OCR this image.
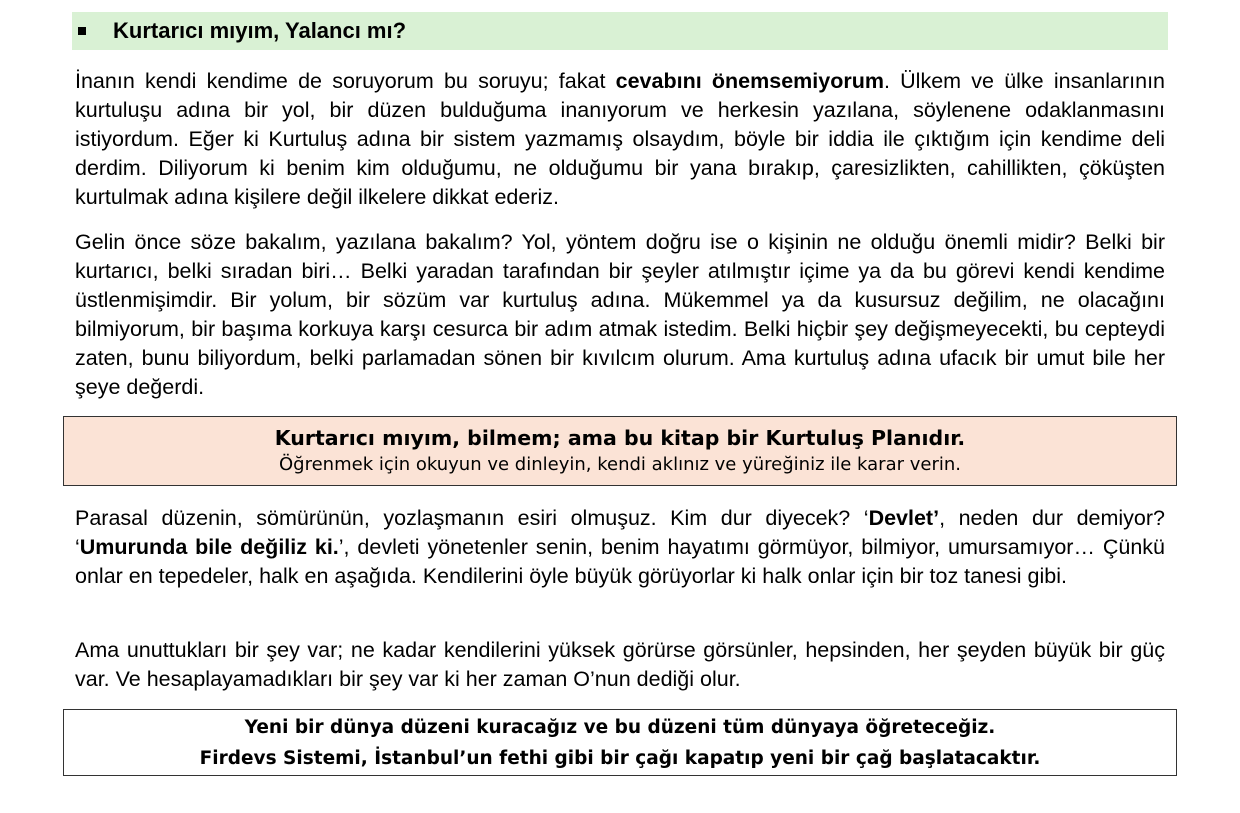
Kurtarıcı mıyım, Yalancı mı?

İnanın kendi kendime de soruyorum bu soruyu; fakat cevabını önemsemiyorum. Ülkem ve ülke insanlarının kurtuluşu adına bir yol, bir düzen bulduğuma inanıyorum ve herkesin yazılana, söylenene odaklanmasını istiyordum. Eğer ki Kurtuluş adına bir sistem yazmamış olsaydım, böyle bir iddia ile çıktığım için kendime deli derdim. Diliyorum ki benim kim olduğumu, ne olduğumu bir yana bırakıp, çaresizlikten, cahillikten, çöküşten kurtulmak adına kişilere değil ilkelere dikkat ederiz.

Gelin önce söze bakalım, yazılana bakalım? Yol, yöntem doğru ise o kişinin ne olduğu önemli midir? Belki bir kurtarıcı, belki sıradan biri… Belki yaradan tarafından bir şeyler atılmıştır içime ya da bu görevi kendi kendime üstlenmişimdir. Bir yolum, bir sözüm var kurtuluş adına. Mükemmel ya da kusursuz değilim, ne olacağını bilmiyorum, bir başıma korkuya karşı cesurca bir adım atmak istedim. Belki hiçbir şey değişmeyecekti, bu cepteydi zaten, bunu biliyordum, belki parlamadan sönen bir kıvılcım olurum. Ama kurtuluş adına ufacık bir umut bile her şeye değerdi.

Kurtarıcı mıyım, bilmem; ama bu kitap bir Kurtuluş Planıdır.
Öğrenmek için okuyun ve dinleyin, kendi aklınız ve yüreğiniz ile karar verin.

Parasal düzenin, sömürünün, yozlaşmanın esiri olmuşuz. Kim dur diyecek? ‘Devlet’, neden dur demiyor? ‘Umurunda bile değiliz ki.’, devleti yönetenler senin, benim hayatımı görmüyor, bilmiyor, umursamıyor… Çünkü onlar en tepedeler, halk en aşağıda. Kendilerini öyle büyük görüyorlar ki halk onlar için bir toz tanesi gibi.

Ama unuttukları bir şey var; ne kadar kendilerini yüksek görürse görsünler, hepsinden, her şeyden büyük bir güç var. Ve hesaplayamadıkları bir şey var ki her zaman O’nun dediği olur.

Yeni bir dünya düzeni kuracağız ve bu düzeni tüm dünyaya öğreteceğiz.
Firdevs Sistemi, İstanbul’un fethi gibi bir çağı kapatıp yeni bir çağ başlatacaktır.
